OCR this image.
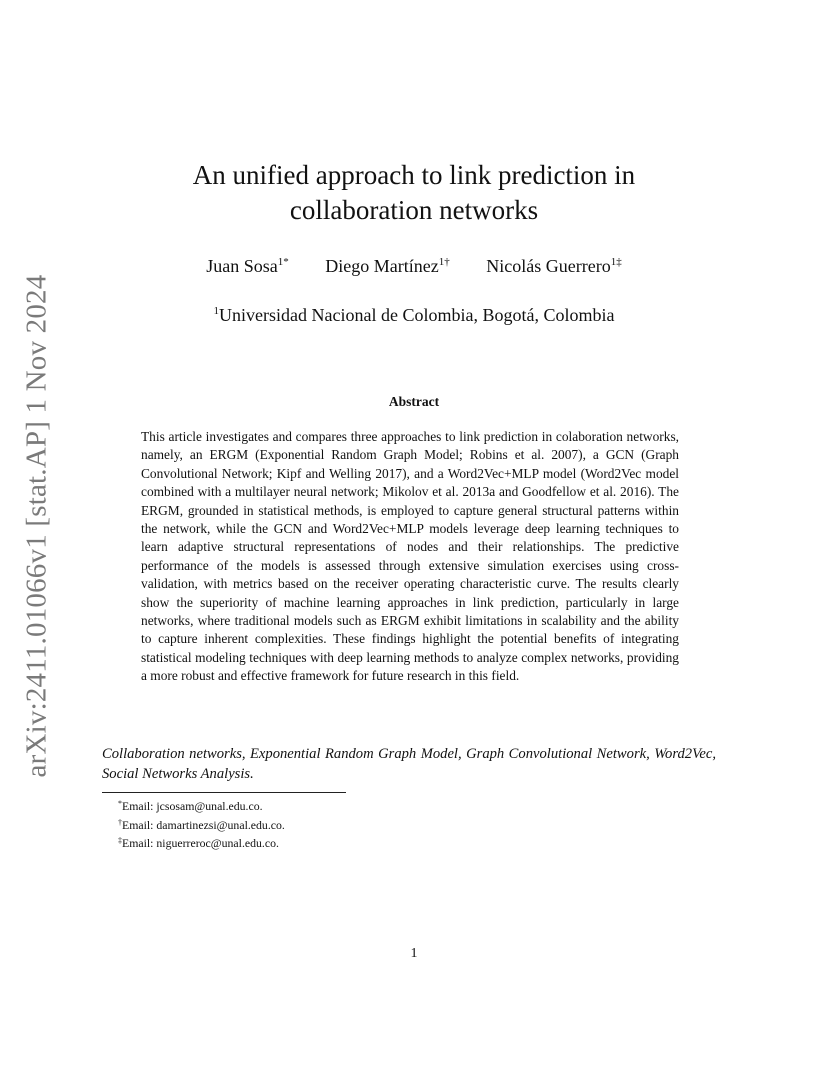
arXiv:2411.01066v1 [stat.AP] 1 Nov 2024
An unified approach to link prediction in
collaboration networks
Juan Sosa$^{1*}$ Diego Martínez$^{1\dagger}$ Nicolás Guerrero$^{1\ddagger}$
$^1$Universidad Nacional de Colombia, Bogotá, Colombia
Abstract
This article investigates and compares three approaches to link prediction in colaboration networks, namely, an ERGM (Exponential Random Graph Model; Robins et al. 2007), a GCN (Graph Convolutional Network; Kipf and Welling 2017), and a Word2Vec+MLP model (Word2Vec model combined with a multilayer neural network; Mikolov et al. 2013a and Goodfellow et al. 2016). The ERGM, grounded in statistical methods, is employed to capture general structural patterns within the network, while the GCN and Word2Vec+MLP models leverage deep learning techniques to learn adaptive structural representations of nodes and their relationships. The predictive performance of the models is assessed through extensive simulation exercises using cross-validation, with metrics based on the receiver operating characteristic curve. The results clearly show the superiority of machine learning approaches in link prediction, particularly in large networks, where traditional models such as ERGM exhibit limitations in scalability and the ability to capture inherent complexities. These findings highlight the potential benefits of integrating statistical modeling techniques with deep learning methods to analyze complex networks, providing a more robust and effective framework for future research in this field.
Collaboration networks, Exponential Random Graph Model, Graph Convolutional Network, Word2Vec, Social Networks Analysis.
*Email: jcsosam@unal.edu.co.
†Email: damartinezsi@unal.edu.co.
‡Email: niguerreroc@unal.edu.co.
1
